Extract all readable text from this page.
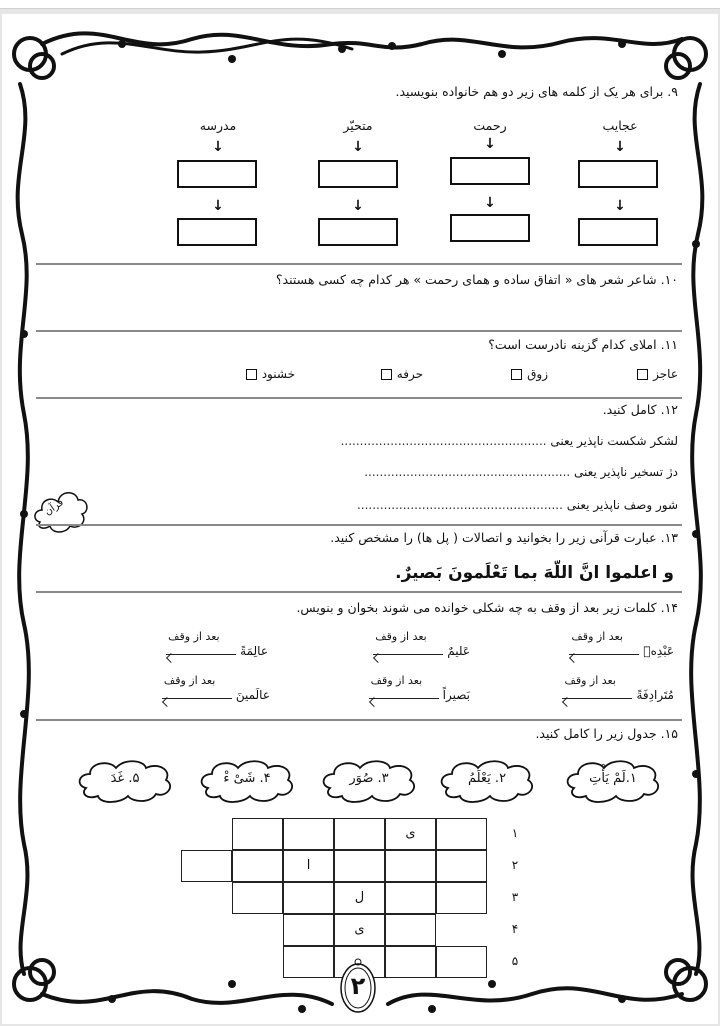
۹. برای هر یک از کلمه های زیر دو هم خانواده بنویسید.
عجایب
رحمت
متحیّر
مدرسه
↓
↓
↓
↓
↓
↓
↓
↓
۱۰. شاعر شعر های « اتفاق ساده و همای رحمت » هر کدام چه کسی هستند؟
۱۱. املای کدام گزینه نادرست است؟
عاجز
زوق
حرفه
خشنود
۱۲. کامل کنید.
لشکر شکست ناپذیر یعنی ......................................................
دژ تسخیر ناپذیر یعنی ......................................................
شور وصف ناپذیر یعنی ......................................................
قرآن
۱۳. عبارت قرآنی زیر را بخوانید و اتصالات ( پل ها) را مشخص کنید.
و اعلموا انَّ اللّهَ بما تَعْلَمونَ بَصیرٌ.
۱۴. کلمات زیر بعد از وقف به چه شکلی خوانده می شوند بخوان و بنویس.
عَبْدِهٖ
بعد از وقف
عَلیمٌ
بعد از وقف
عالِمَةً
بعد از وقف
مُتَرادِفَةً
بعد از وقف
بَصیراً
بعد از وقف
عالَمینَ
بعد از وقف
۱۵. جدول زیر را کامل کنید.
۱.لَمْ یَأْتِ
۲. یَعْلَمُ
۳. صُوَر
۴. شَیْ ءْ
۵. غَدَ
ی
ا
ل
ی
۱
۲
۳
۴
۵
۲
